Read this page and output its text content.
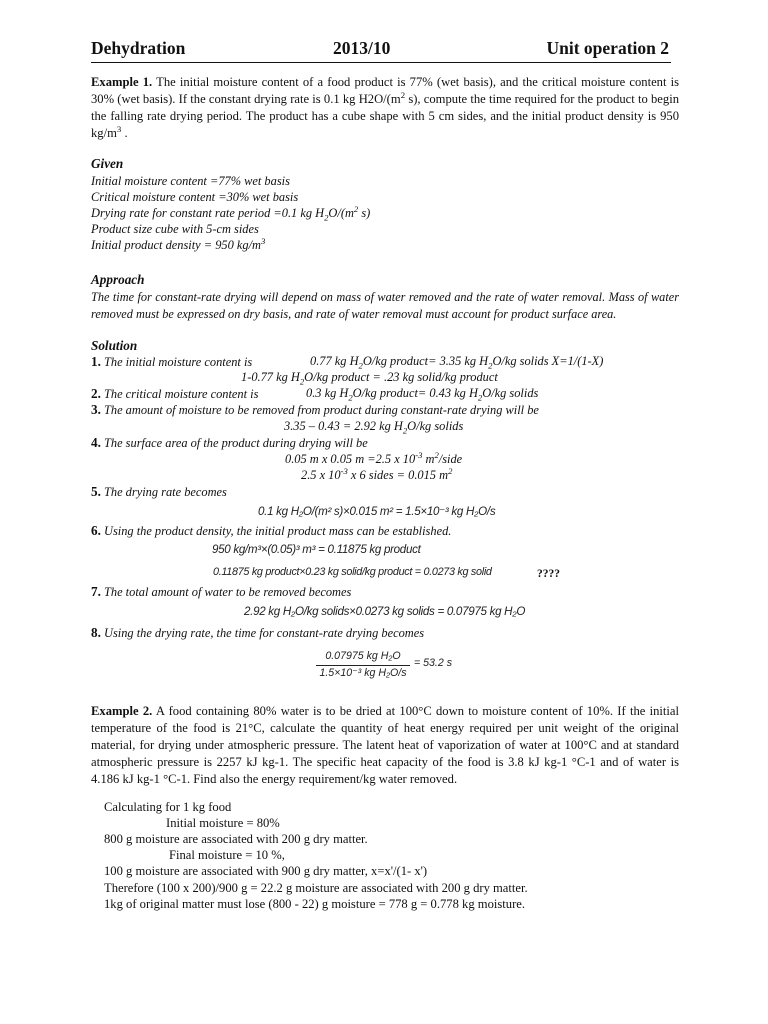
Dehydration	2013/10	Unit operation 2
Example 1. The initial moisture content of a food product is 77% (wet basis), and the critical moisture content is 30% (wet basis). If the constant drying rate is 0.1 kg $H2O/(m^2$ s), compute the time required for the product to begin the falling rate drying period. The product has a cube shape with 5 cm sides, and the initial product density is 950 $kg/m^3$ .
Given
Initial moisture content =77% wet basis
Critical moisture content =30% wet basis
Drying rate for constant rate period =0.1 kg $H_2O/(m^2$ s)
Product size cube with 5-cm sides
Initial product density = 950 $kg/m^3$
Approach
The time for constant-rate drying will depend on mass of water removed and the rate of water removal. Mass of water removed must be expressed on dry basis, and rate of water removal must account for product surface area.
Solution
1. The initial moisture content is	0.77 kg $H_2O/kg$ product= 3.35 kg $H_2O/kg$ solids X=1/(1-X)
1-0.77 kg $H_2O/kg$ product = .23 kg solid/kg product
2. The critical moisture content is	0.3 kg $H_2O/kg$ product= 0.43 kg $H_2O/kg$ solids
3. The amount of moisture to be removed from product during constant-rate drying will be
3.35 – 0.43 = 2.92 kg $H_2O/kg$ solids
4. The surface area of the product during drying will be
0.05 m x 0.05 m =2.5 x $10^{-3}$ $m^2$/side
2.5 x $10^{-3}$ x 6 sides = 0.015 $m^2$
5. The drying rate becomes
0.1 kg H₂O/(m² s)×0.015 m² = 1.5×10⁻³ kg H₂O/s
6. Using the product density, the initial product mass can be established.
950 kg/m³×(0.05)³ m³ = 0.11875 kg product
0.11875 kg product×0.23 kg solid/kg product = 0.0273 kg solid	????
7. The total amount of water to be removed becomes
2.92 kg H₂O/kg solids×0.0273 kg solids = 0.07975 kg H₂O
8. Using the drying rate, the time for constant-rate drying becomes
0.07975 kg H₂O
1.5×10⁻³ kg H₂O/s
= 53.2 s
Example 2. A food containing 80% water is to be dried at 100°C down to moisture content of 10%. If the initial temperature of the food is 21°C, calculate the quantity of heat energy required per unit weight of the original material, for drying under atmospheric pressure. The latent heat of vaporization of water at 100°C and at standard atmospheric pressure is 2257 kJ kg-1. The specific heat capacity of the food is 3.8 kJ kg-1 °C-1 and of water is 4.186 kJ kg-1 °C-1. Find also the energy requirement/kg water removed.
Calculating for 1 kg food
Initial moisture = 80%
800 g moisture are associated with 200 g dry matter.
Final moisture = 10 %,
100 g moisture are associated with 900 g dry matter, x=x'/(1- x')
Therefore (100 x 200)/900 g = 22.2 g moisture are associated with 200 g dry matter.
1kg of original matter must lose (800 - 22) g moisture = 778 g = 0.778 kg moisture.
